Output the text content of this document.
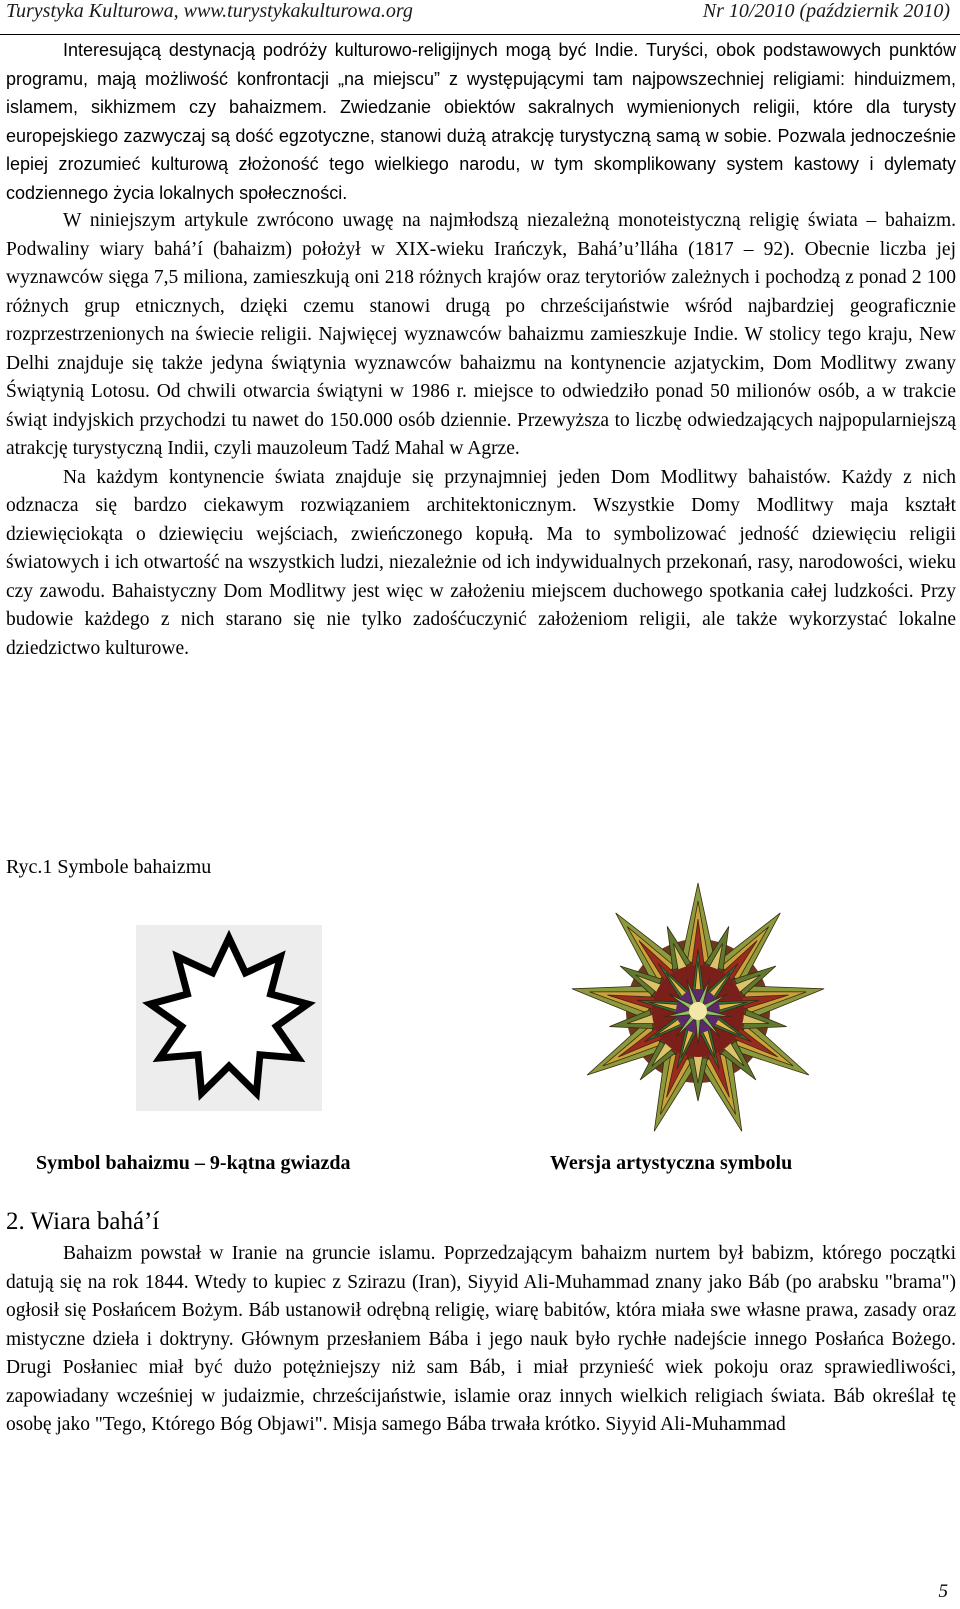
Turystyka Kulturowa, www.turystykakulturowa.org	Nr 10/2010 (październik 2010)

Interesującą destynacją podróży kulturowo-religijnych mogą być Indie. Turyści, obok podstawowych punktów programu, mają możliwość konfrontacji „na miejscu” z występującymi tam najpowszechniej religiami: hinduizmem, islamem, sikhizmem czy bahaizmem. Zwiedzanie obiektów sakralnych wymienionych religii, które dla turysty europejskiego zazwyczaj są dość egzotyczne, stanowi dużą atrakcję turystyczną samą w sobie. Pozwala jednocześnie lepiej zrozumieć kulturową złożoność tego wielkiego narodu, w tym skomplikowany system kastowy i dylematy codziennego życia lokalnych społeczności.

W niniejszym artykule zwrócono uwagę na najmłodszą niezależną monoteistyczną religię świata – bahaizm. Podwaliny wiary bahá’í (bahaizm) położył w XIX-wieku Irańczyk, Bahá’u’lláha (1817 – 92). Obecnie liczba jej wyznawców sięga 7,5 miliona, zamieszkują oni 218 różnych krajów oraz terytoriów zależnych i pochodzą z ponad 2 100 różnych grup etnicznych, dzięki czemu stanowi drugą po chrześcijaństwie wśród najbardziej geograficznie rozprzestrzenionych na świecie religii. Najwięcej wyznawców bahaizmu zamieszkuje Indie. W stolicy tego kraju, New Delhi znajduje się także jedyna świątynia wyznawców bahaizmu na kontynencie azjatyckim, Dom Modlitwy zwany Świątynią Lotosu. Od chwili otwarcia świątyni w 1986 r. miejsce to odwiedziło ponad 50 milionów osób, a w trakcie świąt indyjskich przychodzi tu nawet do 150.000 osób dziennie. Przewyższa to liczbę odwiedzających najpopularniejszą atrakcję turystyczną Indii, czyli mauzoleum Tadź Mahal w Agrze.

Na każdym kontynencie świata znajduje się przynajmniej jeden Dom Modlitwy bahaistów. Każdy z nich odznacza się bardzo ciekawym rozwiązaniem architektonicznym. Wszystkie Domy Modlitwy maja kształt dziewięciokąta o dziewięciu wejściach, zwieńczonego kopułą. Ma to symbolizować jedność dziewięciu religii światowych i ich otwartość na wszystkich ludzi, niezależnie od ich indywidualnych przekonań, rasy, narodowości, wieku czy zawodu. Bahaistyczny Dom Modlitwy jest więc w założeniu miejscem duchowego spotkania całej ludzkości. Przy budowie każdego z nich starano się nie tylko zadośćuczynić założeniom religii, ale także wykorzystać lokalne dziedzictwo kulturowe.

Ryc.1 Symbole bahaizmu
Symbol bahaizmu – 9-kątna gwiazda	Wersja artystyczna symbolu
2. Wiara bahá’í

Bahaizm powstał w Iranie na gruncie islamu. Poprzedzającym bahaizm nurtem był babizm, którego początki datują się na rok 1844. Wtedy to kupiec z Szirazu (Iran), Siyyid Ali-Muhammad znany jako Báb (po arabsku "brama") ogłosił się Posłańcem Bożym. Báb ustanowił odrębną religię, wiarę babitów, która miała swe własne prawa, zasady oraz mistyczne dzieła i doktryny. Głównym przesłaniem Bába i jego nauk było rychłe nadejście innego Posłańca Bożego. Drugi Posłaniec miał być dużo potężniejszy niż sam Báb, i miał przynieść wiek pokoju oraz sprawiedliwości, zapowiadany wcześniej w judaizmie, chrześcijaństwie, islamie oraz innych wielkich religiach świata. Báb określał tę osobę jako "Tego, Którego Bóg Objawi". Misja samego Bába trwała krótko. Siyyid Ali-Muhammad

5
